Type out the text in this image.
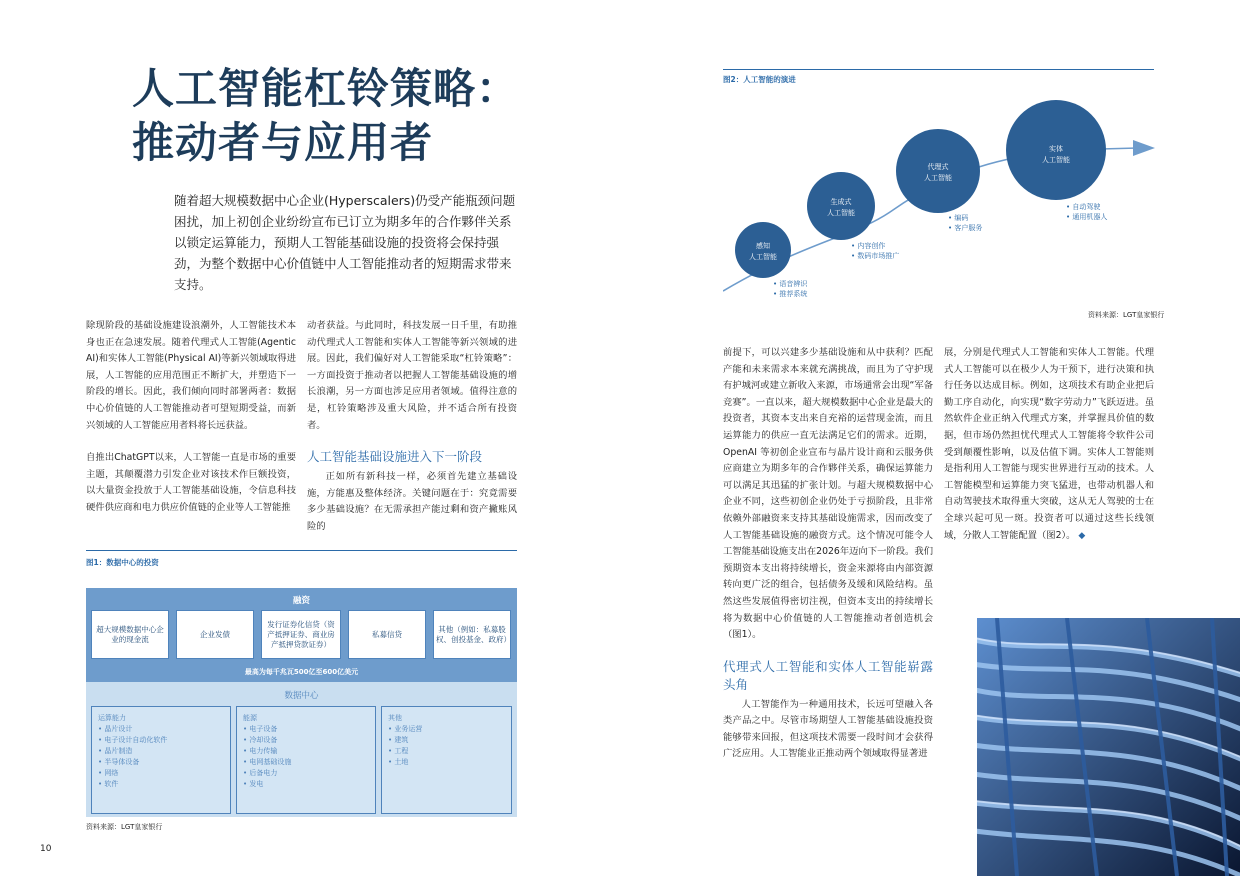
人工智能杠铃策略：
推动者与应用者
随着超大规模数据中心企业(Hyperscalers)仍受产能瓶颈问题困扰，加上初创企业纷纷宣布已订立为期多年的合作夥伴关系以锁定运算能力，预期人工智能基础设施的投资将会保持强劲，为整个数据中心价值链中人工智能推动者的短期需求带来支持。

除现阶段的基础设施建设浪潮外，人工智能技术本身也正在急速发展。随着代理式人工智能(Agentic AI)和实体人工智能(Physical AI)等新兴领域取得进展，人工智能的应用范围正不断扩大，并塑造下一阶段的增长。因此，我们倾向同时部署两者：数据中心价值链的人工智能推动者可望短期受益，而新兴领域的人工智能应用者料将长远获益。

自推出ChatGPT以来，人工智能一直是市场的重要主题，其颠覆潜力引发企业对该技术作巨额投资，以大量资金投放于人工智能基础设施，令信息科技硬件供应商和电力供应价值链的企业等人工智能推

动者获益。与此同时，科技发展一日千里，有助推动代理式人工智能和实体人工智能等新兴领域的进展。因此，我们偏好对人工智能采取“杠铃策略”：一方面投资于推动者以把握人工智能基础设施的增长浪潮，另一方面也涉足应用者领域。值得注意的是，杠铃策略涉及重大风险，并不适合所有投资者。

人工智能基础设施进入下一阶段

正如所有新科技一样，必须首先建立基础设施，方能惠及整体经济。关键问题在于：究竟需要多少基础设施？在无需承担产能过剩和资产撇账风险的

图1：数据中心的投资
融资
超大规模数据中心企业的现金流
企业发债
发行证券化信贷（资产抵押证券、商业房产抵押贷款证券）
私募信贷
其他（例如：私募股权、创投基金、政府）
最高为每千兆瓦500亿至600亿美元
数据中心
运算能力
• 晶片设计
• 电子设计自动化软件
• 晶片制造
• 半导体设备
• 网络
• 软件
能源
• 电子设备
• 冷却设备
• 电力传输
• 电网基础设施
• 后备电力
• 发电
其他
• 业务运营
• 建筑
• 工程
• 土地
资料来源：LGT皇家银行
10
图2：人工智能的演进
感知
人工智能
生成式
人工智能
代理式
人工智能
实体
人工智能
• 语音辨识
• 推荐系统
• 内容创作
• 数码市场推广
• 编码
• 客户服务
• 自动驾驶
• 通用机器人
资料来源：LGT皇家银行

前提下，可以兴建多少基础设施和从中获利？匹配产能和未来需求本来就充满挑战，而且为了守护现有护城河或建立新收入来源，市场通常会出现“军备竞赛”。一直以来，超大规模数据中心企业是最大的投资者，其资本支出来自充裕的运营现金流，而且运算能力的供应一直无法满足它们的需求。近期，OpenAI 等初创企业宣布与晶片设计商和云服务供应商建立为期多年的合作夥伴关系，确保运算能力可以满足其迅猛的扩张计划。与超大规模数据中心企业不同，这些初创企业仍处于亏损阶段，且非常依赖外部融资来支持其基础设施需求，因而改变了人工智能基础设施的融资方式。这个情况可能令人工智能基础设施支出在2026年迈向下一阶段。我们预期资本支出将持续增长，资金来源将由内部资源转向更广泛的组合，包括债务及缓和风险结构。虽然这些发展值得密切注视，但资本支出的持续增长将为数据中心价值链的人工智能推动者创造机会（图1）。

代理式人工智能和实体人工智能崭露头角

人工智能作为一种通用技术，长远可望融入各类产品之中。尽管市场期望人工智能基础设施投资能够带来回报，但这项技术需要一段时间才会获得广泛应用。人工智能业正推动两个领域取得显著进

展，分别是代理式人工智能和实体人工智能。代理式人工智能可以在极少人为干预下，进行决策和执行任务以达成目标。例如，这项技术有助企业把后勤工序自动化，向实现“数字劳动力”飞跃迈进。虽然软件企业正纳入代理式方案，并掌握具价值的数据，但市场仍然担忧代理式人工智能将令软件公司受到颠覆性影响，以及估值下调。实体人工智能则是指利用人工智能与现实世界进行互动的技术。人工智能模型和运算能力突飞猛进，也带动机器人和自动驾驶技术取得重大突破，这从无人驾驶的士在全球兴起可见一斑。投资者可以通过这些长线领域，分散人工智能配置（图2）。 ◆
